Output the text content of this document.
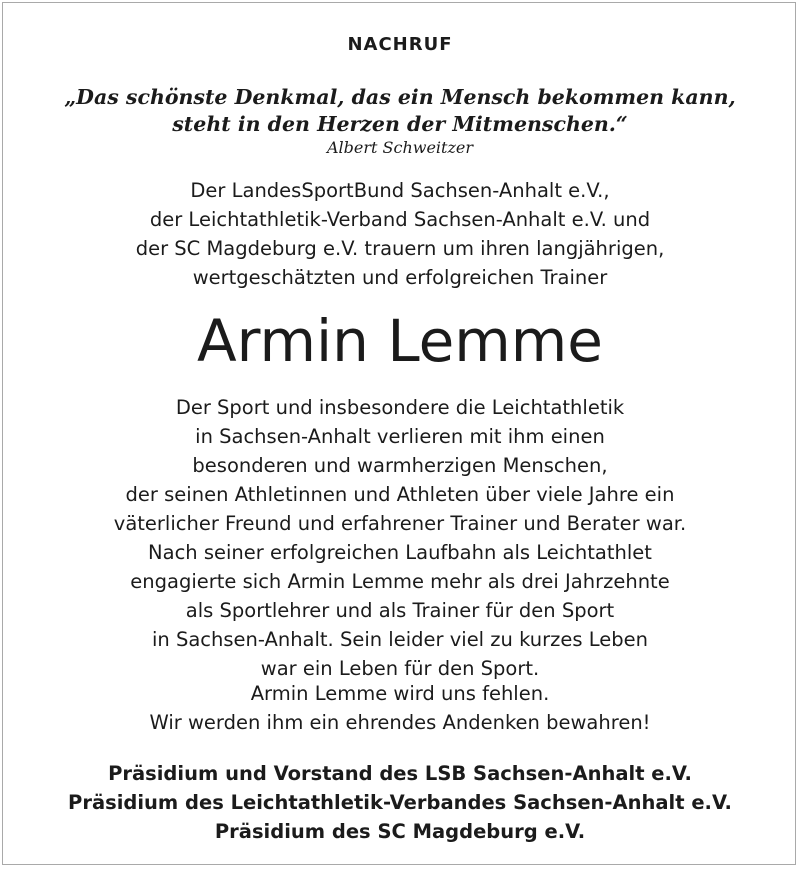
NACHRUF
„Das schönste Denkmal, das ein Mensch bekommen kann,
steht in den Herzen der Mitmenschen.“
Albert Schweitzer
Der LandesSportBund Sachsen-Anhalt e.V.,
der Leichtathletik-Verband Sachsen-Anhalt e.V. und
der SC Magdeburg e.V. trauern um ihren langjährigen,
wertgeschätzten und erfolgreichen Trainer
Armin Lemme
Der Sport und insbesondere die Leichtathletik
in Sachsen-Anhalt verlieren mit ihm einen
besonderen und warmherzigen Menschen,
der seinen Athletinnen und Athleten über viele Jahre ein
väterlicher Freund und erfahrener Trainer und Berater war.
Nach seiner erfolgreichen Laufbahn als Leichtathlet
engagierte sich Armin Lemme mehr als drei Jahrzehnte
als Sportlehrer und als Trainer für den Sport
in Sachsen-Anhalt. Sein leider viel zu kurzes Leben
war ein Leben für den Sport.
Armin Lemme wird uns fehlen.
Wir werden ihm ein ehrendes Andenken bewahren!
Präsidium und Vorstand des LSB Sachsen-Anhalt e.V.
Präsidium des Leichtathletik-Verbandes Sachsen-Anhalt e.V.
Präsidium des SC Magdeburg e.V.
